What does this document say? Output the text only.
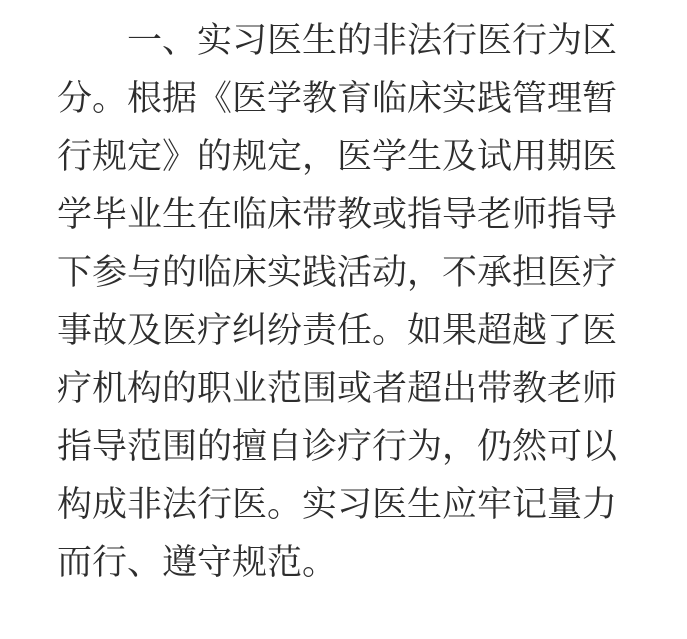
一、实习医生的非法行医行为区
分。根据《医学教育临床实践管理暂
行规定》的规定，医学生及试用期医
学毕业生在临床带教或指导老师指导
下参与的临床实践活动，不承担医疗
事故及医疗纠纷责任。如果超越了医
疗机构的职业范围或者超出带教老师
指导范围的擅自诊疗行为，仍然可以
构成非法行医。实习医生应牢记量力
而行、遵守规范。
